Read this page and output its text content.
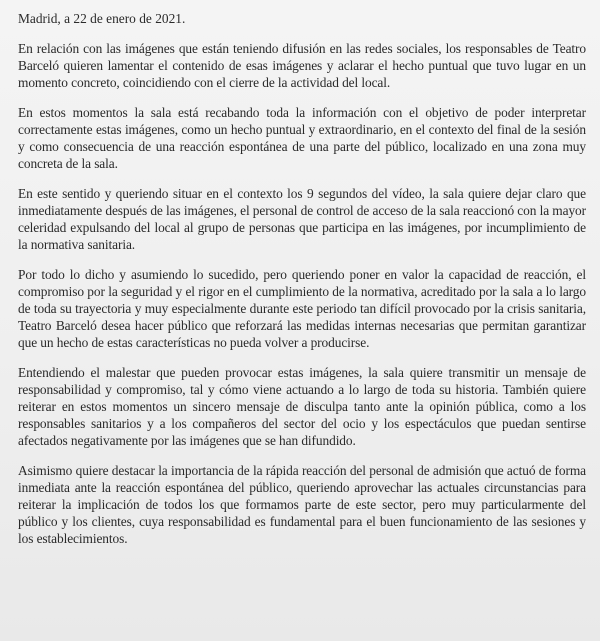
Madrid, a 22 de enero de 2021.

En relación con las imágenes que están teniendo difusión en las redes sociales, los responsables de Teatro Barceló quieren lamentar el contenido de esas imágenes y aclarar el hecho puntual que tuvo lugar en un momento concreto, coincidiendo con el cierre de la actividad del local.

En estos momentos la sala está recabando toda la información con el objetivo de poder interpretar correctamente estas imágenes, como un hecho puntual y extraordinario, en el contexto del final de la sesión y como consecuencia de una reacción espontánea de una parte del público, localizado en una zona muy concreta de la sala.

En este sentido y queriendo situar en el contexto los 9 segundos del vídeo, la sala quiere dejar claro que inmediatamente después de las imágenes, el personal de control de acceso de la sala reaccionó con la mayor celeridad expulsando del local al grupo de personas que participa en las imágenes, por incumplimiento de la normativa sanitaria.

Por todo lo dicho y asumiendo lo sucedido, pero queriendo poner en valor la capacidad de reacción, el compromiso por la seguridad y el rigor en el cumplimiento de la normativa, acreditado por la sala a lo largo de toda su trayectoria y muy especialmente durante este periodo tan difícil provocado por la crisis sanitaria, Teatro Barceló desea hacer público que reforzará las medidas internas necesarias que permitan garantizar que un hecho de estas características no pueda volver a producirse.

Entendiendo el malestar que pueden provocar estas imágenes, la sala quiere transmitir un mensaje de responsabilidad y compromiso, tal y cómo viene actuando a lo largo de toda su historia. También quiere reiterar en estos momentos un sincero mensaje de disculpa tanto ante la opinión pública, como a los responsables sanitarios y a los compañeros del sector del ocio y los espectáculos que puedan sentirse afectados negativamente por las imágenes que se han difundido.

Asimismo quiere destacar la importancia de la rápida reacción del personal de admisión que actuó de forma inmediata ante la reacción espontánea del público, queriendo aprovechar las actuales circunstancias para reiterar la implicación de todos los que formamos parte de este sector, pero muy particularmente del público y los clientes, cuya responsabilidad es fundamental para el buen funcionamiento de las sesiones y los establecimientos.
